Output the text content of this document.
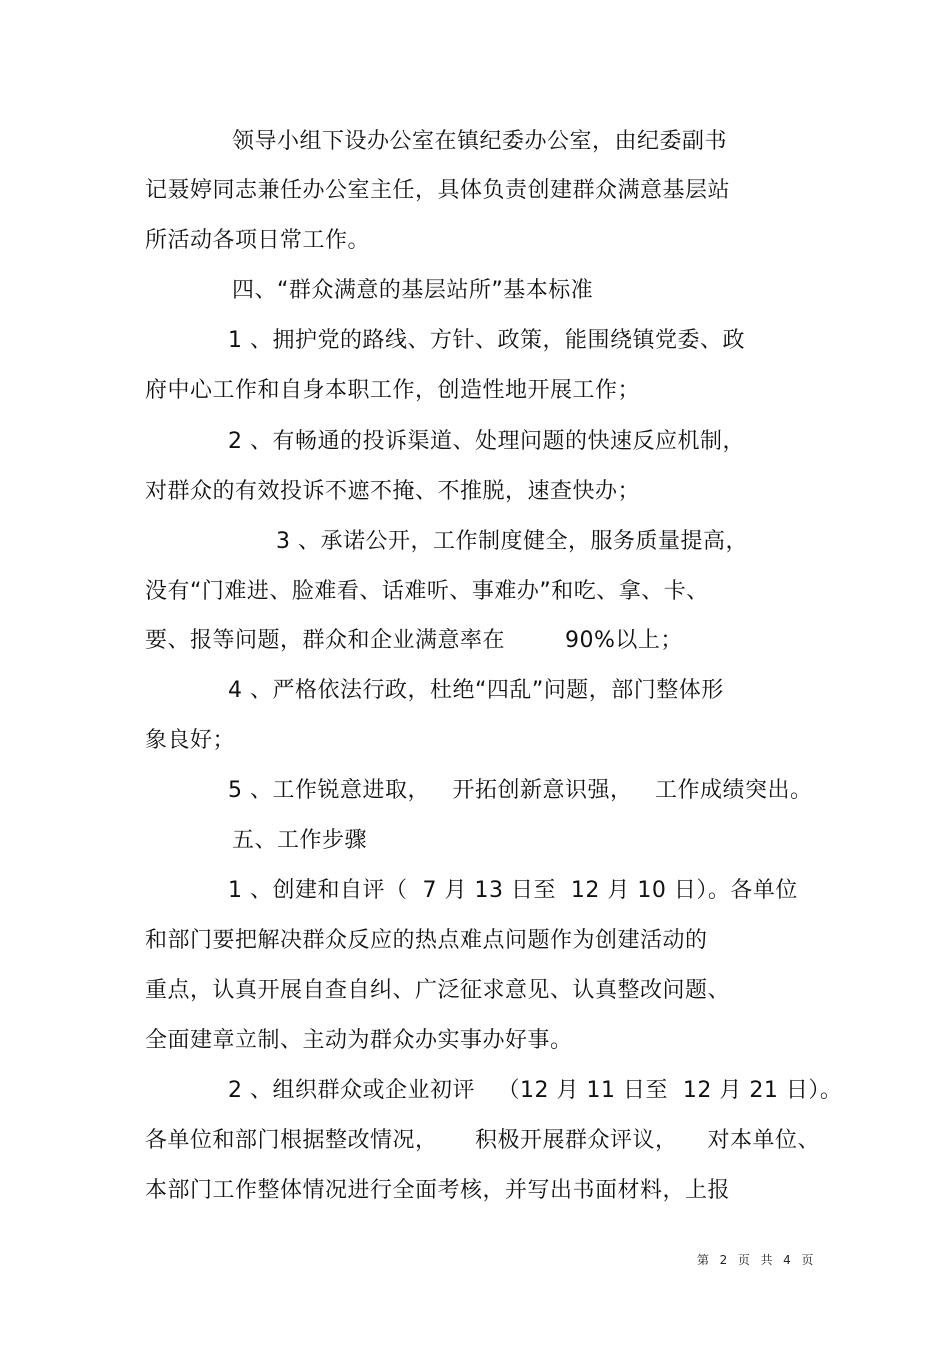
领导小组下设办公室在镇纪委办公室，由纪委副书
记聂婷同志兼任办公室主任，具体负责创建群众满意基层站
所活动各项日常工作。
四、“群众满意的基层站所”基本标准
1 、拥护党的路线、方针、政策，能围绕镇党委、政
府中心工作和自身本职工作，创造性地开展工作；
2 、有畅通的投诉渠道、处理问题的快速反应机制，
对群众的有效投诉不遮不掩、不推脱，速查快办；
3 、承诺公开，工作制度健全，服务质量提高，
没有“门难进、脸难看、话难听、事难办”和吃、拿、卡、
要、报等问题，群众和企业满意率在        90%以上；
4 、严格依法行政，杜绝“四乱”问题，部门整体形
象良好；
5 、工作锐意进取，   开拓创新意识强，   工作成绩突出。
五、工作步骤
1 、创建和自评（  7 月 13 日至  12 月 10 日）。各单位
和部门要把解决群众反应的热点难点问题作为创建活动的
重点，认真开展自查自纠、广泛征求意见、认真整改问题、
全面建章立制、主动为群众办实事办好事。
2 、组织群众或企业初评   （12 月 11 日至  12 月 21 日）。
各单位和部门根据整改情况，     积极开展群众评议，    对本单位、
本部门工作整体情况进行全面考核，并写出书面材料，上报
第  2  页  共  4  页
